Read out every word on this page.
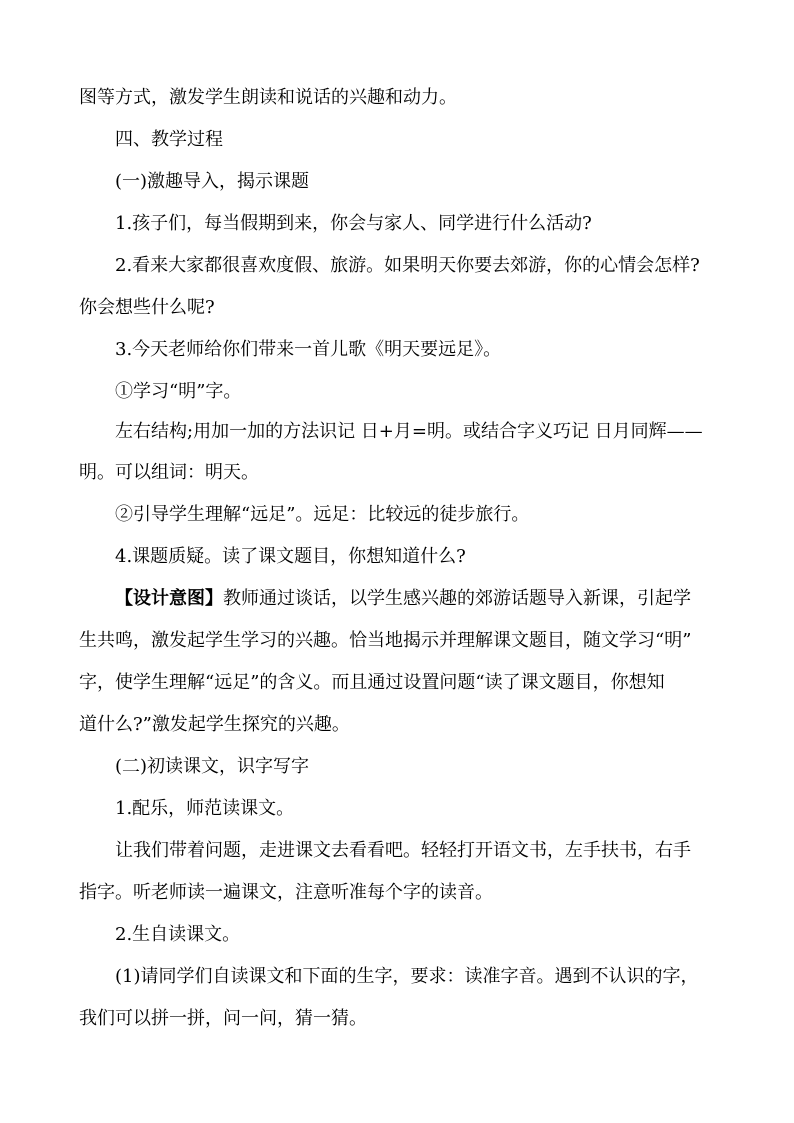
图等方式，激发学生朗读和说话的兴趣和动力。
四、教学过程
(一)激趣导入，揭示课题
1.孩子们，每当假期到来，你会与家人、同学进行什么活动?
2.看来大家都很喜欢度假、旅游。如果明天你要去郊游，你的心情会怎样?
你会想些什么呢?
3.今天老师给你们带来一首儿歌《明天要远足》。
①学习“明”字。
左右结构;用加一加的方法识记 日+月=明。或结合字义巧记 日月同辉——
明。可以组词：明天。
②引导学生理解“远足”。远足：比较远的徒步旅行。
4.课题质疑。读了课文题目，你想知道什么?
【设计意图】教师通过谈话，以学生感兴趣的郊游话题导入新课，引起学
生共鸣，激发起学生学习的兴趣。恰当地揭示并理解课文题目，随文学习“明”
字，使学生理解“远足”的含义。而且通过设置问题“读了课文题目，你想知
道什么?”激发起学生探究的兴趣。
(二)初读课文，识字写字
1.配乐，师范读课文。
让我们带着问题，走进课文去看看吧。轻轻打开语文书，左手扶书，右手
指字。听老师读一遍课文，注意听准每个字的读音。
2.生自读课文。
(1)请同学们自读课文和下面的生字，要求：读准字音。遇到不认识的字，
我们可以拼一拼，问一问，猜一猜。
